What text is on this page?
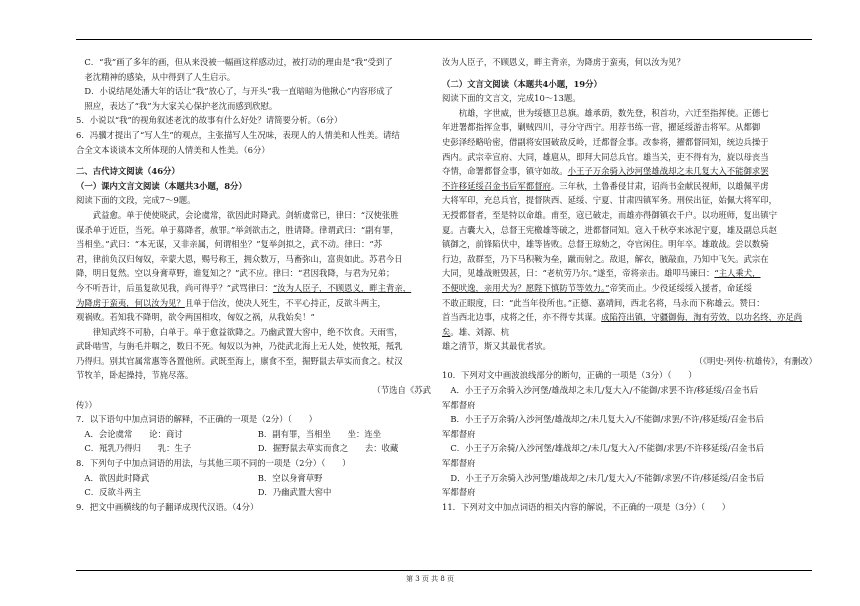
C．“我”画了多年的画，但从来没被一幅画这样感动过，被打动的理由是“我”受到了

老沈精神的感染，从中得到了人生启示。

D．小说结尾处潘大年的话让“我”放心了，与开头“我一直暗暗为他揪心”内容形成了

照应，表达了“我”为大家关心保护老沈而感到欣慰。

5．小说以“我”的视角叙述老沈的故事有什么好处？请简要分析。（6分）

6．冯骥才提出了“写人生”的观点，主张描写人生况味，表现人的人情美和人性美。请结

合全文本谈谈本文所体现的人情美和人性美。（6分）

二、古代诗文阅读（46分）

（一）课内文言文阅读（本题共3小题，8分）

阅读下面的文段，完成7～9题。

武益愈。单于使使晓武，会论虞常，欲因此时降武。剑斩虞常已，律曰：“汉使张胜

谋杀单于近臣，当死。单于募降者，赦罪。”举剑欲击之，胜请降。律谓武曰：“副有罪，

当相坐。”武曰：“本无谋，又非亲属，何谓相坐？”复举剑拟之，武不动。律曰：“苏

君，律前负汉归匈奴，幸蒙大恩，赐号称王，拥众数万，马畜弥山，富贵如此。苏君今日

降，明日复然。空以身膏草野，谁复知之？”武不应。律曰：“君因我降，与君为兄弟；

今不听吾计，后虽复欲见我，尚可得乎？”武骂律曰：“汝为人臣子，不顾恩义，畔主背亲，

为降虏于蛮夷，何以汝为见？且单于信汝，使决人死生，不平心持正，反欲斗两主，

观祸败。若知我不降明，欲令两国相攻，匈奴之祸，从我始矣！”

律知武终不可胁，白单于。单于愈益欲降之。乃幽武置大窖中，绝不饮食。天雨雪，

武卧啮雪，与旃毛并咽之，数日不死。匈奴以为神，乃徙武北海上无人处，使牧羝，羝乳

乃得归。别其官属常惠等各置他所。武既至海上，廪食不至，掘野鼠去草实而食之。杖汉

节牧羊，卧起操持，节旄尽落。

（节选自《苏武

传》）

7．以下语句中加点词语的解释，不正确的一项是（2分）（　　）

A．会论虞常　　论：商讨	B．副有罪，当相坐　　坐：连坐

C．羝乳乃得归　　乳：生子	D．掘野鼠去草实而食之　　去：收藏

8．下列句子中加点词语的用法，与其他三项不同的一项是（2分）（　　）

A．欲因此时降武	B．空以身膏草野

C．反欲斗两主	D．乃幽武置大窖中

9．把文中画横线的句子翻译成现代汉语。（4分）

汝为人臣子，不顾恩义，畔主背亲，为降虏于蛮夷，何以汝为见？

（二）文言文阅读（本题共4小题，19分）

阅读下面的文言文，完成10～13题。

杭雄，字世威，世为绥德卫总旗。雄承荫，数先登，积首功，六迁至指挥使。正德七

年进署都指挥佥事，剿贼四川，寻分守西宁。用荐书练一营，擢延绥游击将军。从都御

史彭泽经略哈密，借副将安国破敌反岭，迁都督佥事。改参将，擢都督同知，统边兵操于

西内。武宗幸宣府、大同，雄扈从，即拜大同总兵官。雄当关，吏不得有为，旋以母丧当

夺情，命署都督佥事，镇守如故。小王子万余骑入沙河堡雄战却之未几复大入不能御求罢

不许移延绥召金书后军都督府。三年秋，土鲁番侵甘肃，诏尚书金献民视师，以雄佩平虏

大将军印，充总兵官，提督陕西、延绥、宁夏、甘肃四镇军务。刑侯出征，始佩大将军印，

无授都督者，至是特以命雄。甫至，寇已破走，而雄亦得御镇衣千户。以功班师，复出镇宁

夏。吉囊大入，总督王宪檄雄等破之，进都督同知。寇入千秋亭来冰泥宁夏，雄及副总兵赵

镇御之，前锋陷伏中，雄等皆败。总督王琼劾之，夺官闲住。明年卒。雄敢战。尝以数骑

行边，敌群至，乃下马积鞍为垒，蹴而射之。敌退，解衣，腋敲血，乃知中飞矢。武宗在

大同，见雄战赃毁甚，曰：“老杭劳乃尔。”遂至，帝将亲击。雄叩马谏曰：“主人乘犬，

不便吠逸，亲用犬为？愿陛下慎防节等效力。”帝笑而止。少役延绥绥入援者，命延绥

不敢正眼度，曰：“此当年役所也。”正德、嘉靖间，西北名将，马永而下称雄云。赞曰：

首当西北边事，戍将之任，亦不得专其谋。成陷符出镇，守疆御侮，淘有劳效，以功名终，亦足尚矣。雄、刘源、杭

雄之清节，斯又其最优者欤。

（《明史·列传·杭雄传》，有删改）

10．下列对文中画波浪线部分的断句，正确的一项是（3分）（　　）

A．小王子万余骑入沙河堡/雄战却之未几/复大入/不能御/求罢不许/移延绥/召金书后

军都督府

B．小王子万余骑/入沙河堡/雄战却之/未几复大入/不能御/求罢/不许/移延绥/召金书后

军都督府

C．小王子万余骑/入沙河堡/雄战却之/未几/复大入/不能御/求罢/不许移延绥/召金书后

军都督府

D．小王子万余骑入沙河堡/雄战却之/未几/复大入/不能御/求罢/不许/移延绥/召金书后

军都督府

11．下列对文中加点词语的相关内容的解说，不正确的一项是（3分）（　　）

第 3 页 共 8 页
